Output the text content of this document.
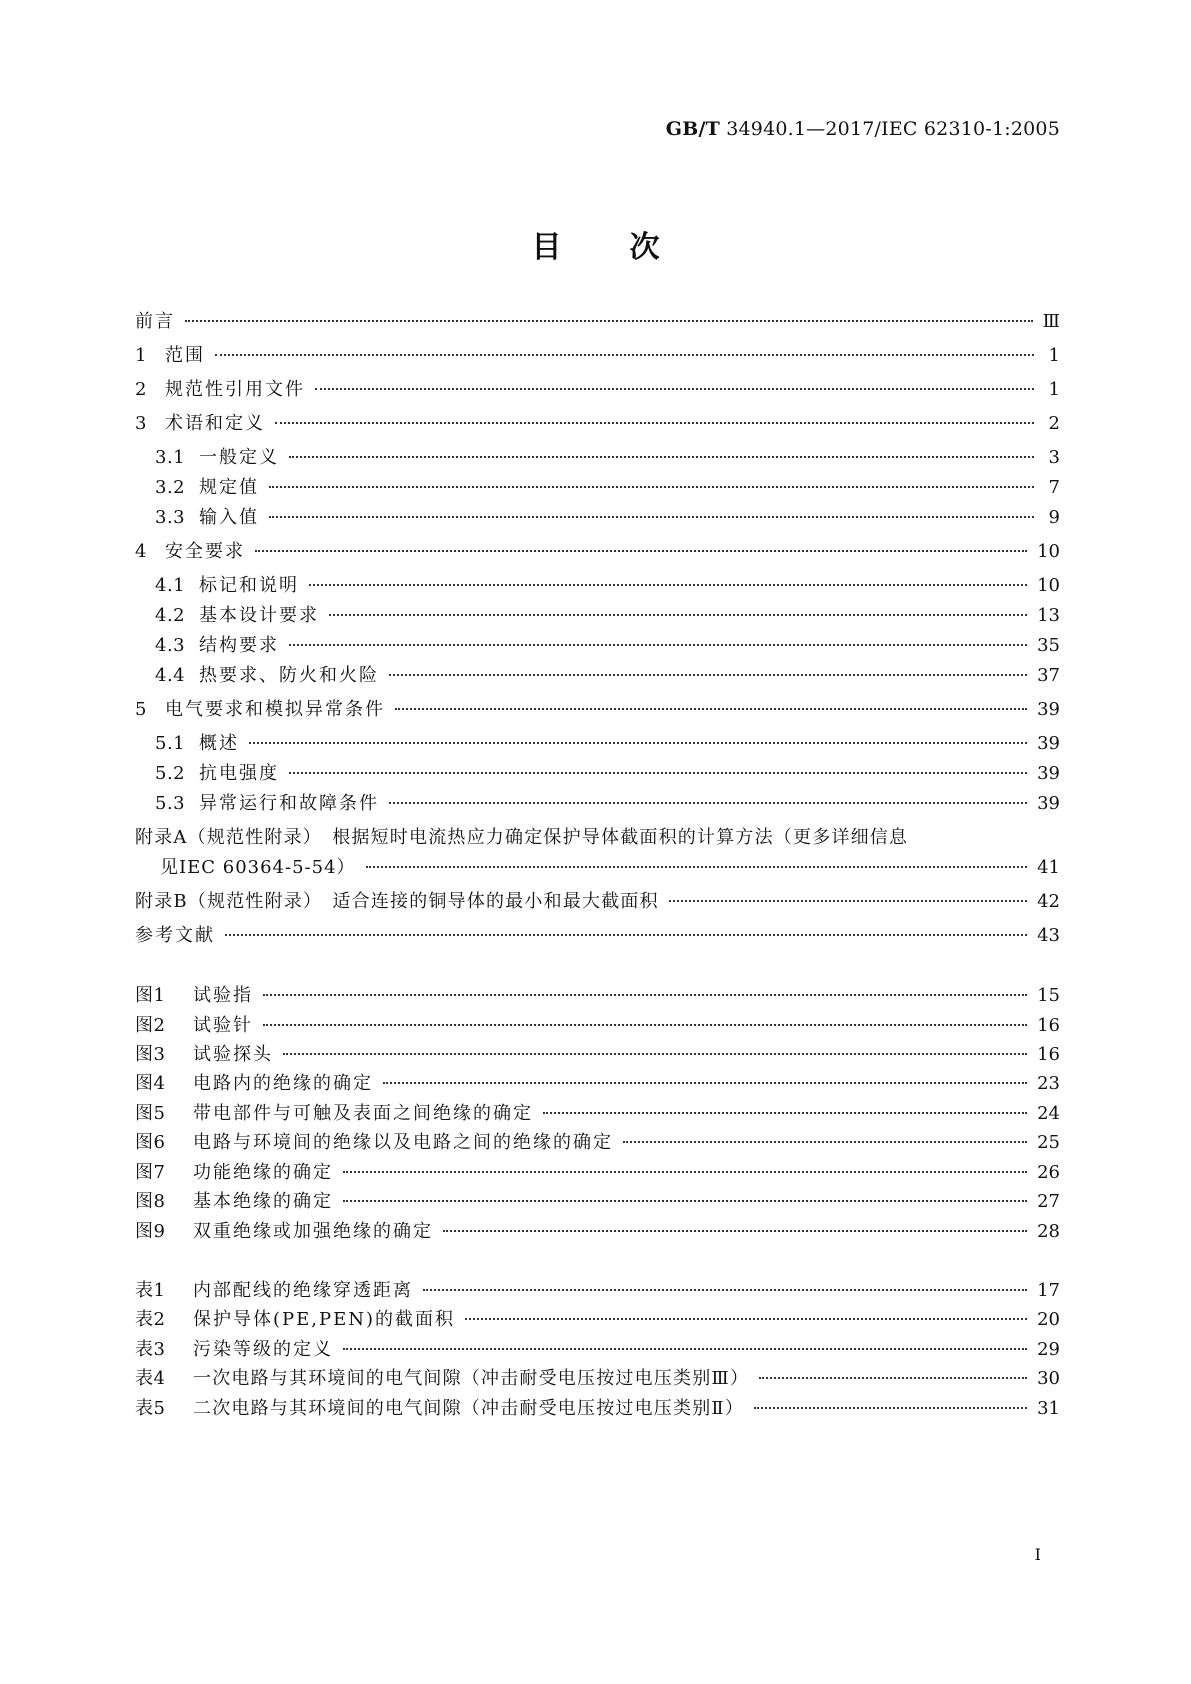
GB/T 34940.1—2017/IEC 62310-1:2005
目次
前言	Ⅲ
1	范围	1
2	规范性引用文件	1
3	术语和定义	2
3.1 一般定义	3
3.2 规定值	7
3.3 输入值	9
4	安全要求	10
4.1 标记和说明	10
4.2 基本设计要求	13
4.3 结构要求	35
4.4 热要求、防火和火险	37
5	电气要求和模拟异常条件	39
5.1 概述	39
5.2 抗电强度	39
5.3 异常运行和故障条件	39
附录A（规范性附录）　根据短时电流热应力确定保护导体截面积的计算方法（更多详细信息
见IEC 60364-5-54）	41
附录B（规范性附录）　适合连接的铜导体的最小和最大截面积	42
参考文献	43
图1	试验指	15
图2	试验针	16
图3	试验探头	16
图4	电路内的绝缘的确定	23
图5	带电部件与可触及表面之间绝缘的确定	24
图6	电路与环境间的绝缘以及电路之间的绝缘的确定	25
图7	功能绝缘的确定	26
图8	基本绝缘的确定	27
图9	双重绝缘或加强绝缘的确定	28
表1	内部配线的绝缘穿透距离	17
表2	保护导体(PE,PEN)的截面积	20
表3	污染等级的定义	29
表4	一次电路与其环境间的电气间隙（冲击耐受电压按过电压类别Ⅲ）	30
表5	二次电路与其环境间的电气间隙（冲击耐受电压按过电压类别Ⅱ）	31
I
